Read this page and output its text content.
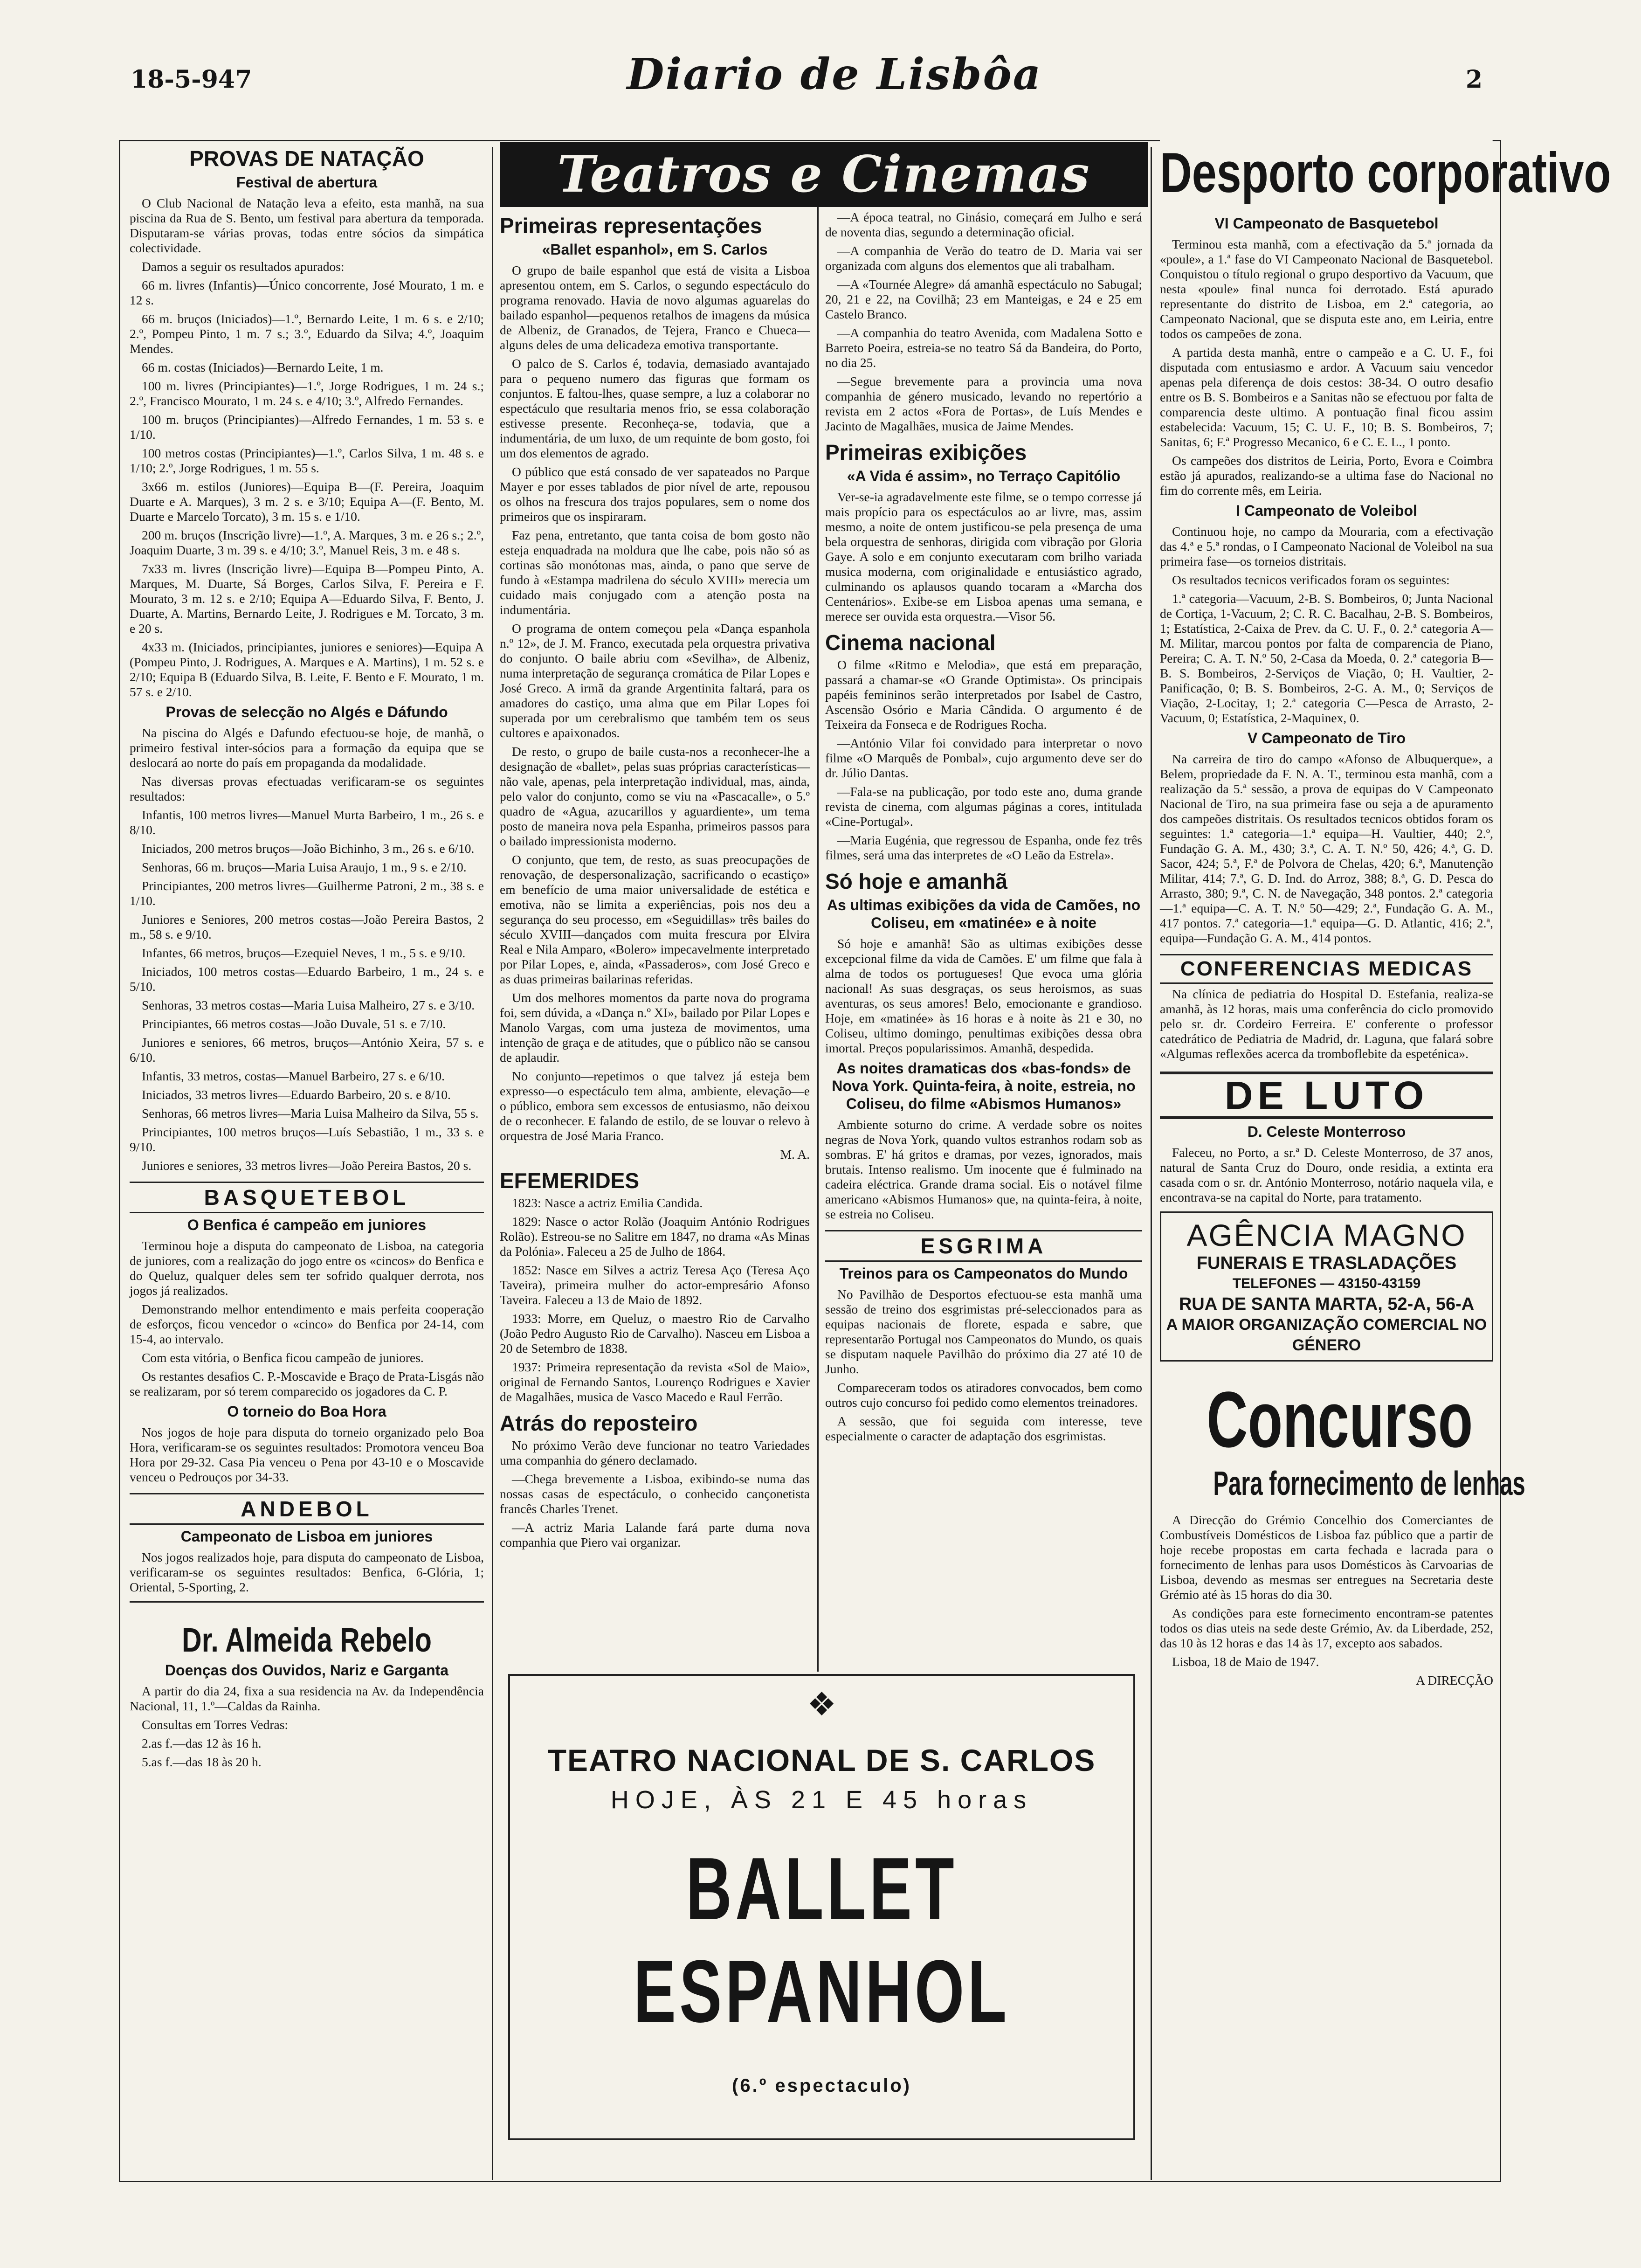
18-5-947	Diario de Lisbôa	2
PROVAS DE NATAÇÃO
Festival de abertura

O Club Nacional de Natação leva a efeito, esta manhã, na sua piscina da Rua de S. Bento, um festival para abertura da temporada. Disputaram-se várias provas, todas entre sócios da simpática colectividade.

Damos a seguir os resultados apurados:

66 m. livres (Infantis)—Único concorrente, José Mourato, 1 m. e 12 s.

66 m. bruços (Iniciados)—1.º, Bernardo Leite, 1 m. 6 s. e 2/10; 2.º, Pompeu Pinto, 1 m. 7 s.; 3.º, Eduardo da Silva; 4.º, Joaquim Mendes.

66 m. costas (Iniciados)—Bernardo Leite, 1 m.

100 m. livres (Principiantes)—1.º, Jorge Rodrigues, 1 m. 24 s.; 2.º, Francisco Mourato, 1 m. 24 s. e 4/10; 3.º, Alfredo Fernandes.

100 m. bruços (Principiantes)—Alfredo Fernandes, 1 m. 53 s. e 1/10.

100 metros costas (Principiantes)—1.º, Carlos Silva, 1 m. 48 s. e 1/10; 2.º, Jorge Rodrigues, 1 m. 55 s.

3x66 m. estilos (Juniores)—Equipa B—(F. Pereira, Joaquim Duarte e A. Marques), 3 m. 2 s. e 3/10; Equipa A—(F. Bento, M. Duarte e Marcelo Torcato), 3 m. 15 s. e 1/10.

200 m. bruços (Inscrição livre)—1.º, A. Marques, 3 m. e 26 s.; 2.º, Joaquim Duarte, 3 m. 39 s. e 4/10; 3.º, Manuel Reis, 3 m. e 48 s.

7x33 m. livres (Inscrição livre)—Equipa B—Pompeu Pinto, A. Marques, M. Duarte, Sá Borges, Carlos Silva, F. Pereira e F. Mourato, 3 m. 12 s. e 2/10; Equipa A—Eduardo Silva, F. Bento, J. Duarte, A. Martins, Bernardo Leite, J. Rodrigues e M. Torcato, 3 m. e 20 s.

4x33 m. (Iniciados, principiantes, juniores e seniores)—Equipa A (Pompeu Pinto, J. Rodrigues, A. Marques e A. Martins), 1 m. 52 s. e 2/10; Equipa B (Eduardo Silva, B. Leite, F. Bento e F. Mourato, 1 m. 57 s. e 2/10.

Provas de selecção no Algés e Dáfundo

Na piscina do Algés e Dafundo efectuou-se hoje, de manhã, o primeiro festival inter-sócios para a formação da equipa que se deslocará ao norte do país em propaganda da modalidade.

Nas diversas provas efectuadas verificaram-se os seguintes resultados:

Infantis, 100 metros livres—Manuel Murta Barbeiro, 1 m., 26 s. e 8/10.

Iniciados, 200 metros bruços—João Bichinho, 3 m., 26 s. e 6/10.

Senhoras, 66 m. bruços—Maria Luisa Araujo, 1 m., 9 s. e 2/10.

Principiantes, 200 metros livres—Guilherme Patroni, 2 m., 38 s. e 1/10.

Juniores e Seniores, 200 metros costas—João Pereira Bastos, 2 m., 58 s. e 9/10.

Infantes, 66 metros, bruços—Ezequiel Neves, 1 m., 5 s. e 9/10.

Iniciados, 100 metros costas—Eduardo Barbeiro, 1 m., 24 s. e 5/10.

Senhoras, 33 metros costas—Maria Luisa Malheiro, 27 s. e 3/10.

Principiantes, 66 metros costas—João Duvale, 51 s. e 7/10.

Juniores e seniores, 66 metros, bruços—António Xeira, 57 s. e 6/10.

Infantis, 33 metros, costas—Manuel Barbeiro, 27 s. e 6/10.

Iniciados, 33 metros livres—Eduardo Barbeiro, 20 s. e 8/10.

Senhoras, 66 metros livres—Maria Luisa Malheiro da Silva, 55 s.

Principiantes, 100 metros bruços—Luís Sebastião, 1 m., 33 s. e 9/10.

Juniores e seniores, 33 metros livres—João Pereira Bastos, 20 s.

BASQUETEBOL
O Benfica é campeão em juniores

Terminou hoje a disputa do campeonato de Lisboa, na categoria de juniores, com a realização do jogo entre os «cincos» do Benfica e do Queluz, qualquer deles sem ter sofrido qualquer derrota, nos jogos já realizados.

Demonstrando melhor entendimento e mais perfeita cooperação de esforços, ficou vencedor o «cinco» do Benfica por 24-14, com 15-4, ao intervalo.

Com esta vitória, o Benfica ficou campeão de juniores.

Os restantes desafios C. P.-Moscavide e Braço de Prata-Lisgás não se realizaram, por só terem comparecido os jogadores da C. P.

O torneio do Boa Hora

Nos jogos de hoje para disputa do torneio organizado pelo Boa Hora, verificaram-se os seguintes resultados: Promotora venceu Boa Hora por 29-32. Casa Pia venceu o Pena por 43-10 e o Moscavide venceu o Pedrouços por 34-33.

ANDEBOL
Campeonato de Lisboa em juniores

Nos jogos realizados hoje, para disputa do campeonato de Lisboa, verificaram-se os seguintes resultados: Benfica, 6-Glória, 1; Oriental, 5-Sporting, 2.

Dr. Almeida Rebelo
Doenças dos Ouvidos, Nariz e Garganta

A partir do dia 24, fixa a sua residencia na Av. da Independência Nacional, 11, 1.º—Caldas da Rainha.

Consultas em Torres Vedras:

2.as f.—das 12 às 16 h.

5.as f.—das 18 às 20 h.

Teatros e Cinemas
Primeiras representações
«Ballet espanhol», em S. Carlos

O grupo de baile espanhol que está de visita a Lisboa apresentou ontem, em S. Carlos, o segundo espectáculo do programa renovado. Havia de novo algumas aguarelas do bailado espanhol—pequenos retalhos de imagens da música de Albeniz, de Granados, de Tejera, Franco e Chueca—alguns deles de uma delicadeza emotiva transportante.

O palco de S. Carlos é, todavia, demasiado avantajado para o pequeno numero das figuras que formam os conjuntos. E faltou-lhes, quase sempre, a luz a colaborar no espectáculo que resultaria menos frio, se essa colaboração estivesse presente. Reconheça-se, todavia, que a indumentária, de um luxo, de um requinte de bom gosto, foi um dos elementos de agrado.

O público que está consado de ver sapateados no Parque Mayer e por esses tablados de pior nível de arte, repousou os olhos na frescura dos trajos populares, sem o nome dos primeiros que os inspiraram.

Faz pena, entretanto, que tanta coisa de bom gosto não esteja enquadrada na moldura que lhe cabe, pois não só as cortinas são monótonas mas, ainda, o pano que serve de fundo à «Estampa madrilena do século XVIII» merecia um cuidado mais conjugado com a atenção posta na indumentária.

O programa de ontem começou pela «Dança espanhola n.º 12», de J. M. Franco, executada pela orquestra privativa do conjunto. O baile abriu com «Sevilha», de Albeniz, numa interpretação de segurança cromática de Pilar Lopes e José Greco. A irmã da grande Argentinita faltará, para os amadores do castiço, uma alma que em Pilar Lopes foi superada por um cerebralismo que também tem os seus cultores e apaixonados.

De resto, o grupo de baile custa-nos a reconhecer-lhe a designação de «ballet», pelas suas próprias características—não vale, apenas, pela interpretação individual, mas, ainda, pelo valor do conjunto, como se viu na «Pascacalle», o 5.º quadro de «Agua, azucarillos y aguardiente», um tema posto de maneira nova pela Espanha, primeiros passos para o bailado impressionista moderno.

O conjunto, que tem, de resto, as suas preocupações de renovação, de despersonalização, sacrificando o ecastiço» em benefício de uma maior universalidade de estética e emotiva, não se limita a experiências, pois nos deu a segurança do seu processo, em «Seguidillas» três bailes do século XVIII—dançados com muita frescura por Elvira Real e Nila Amparo, «Bolero» impecavelmente interpretado por Pilar Lopes, e, ainda, «Passaderos», com José Greco e as duas primeiras bailarinas referidas.

Um dos melhores momentos da parte nova do programa foi, sem dúvida, a «Dança n.º XI», bailado por Pilar Lopes e Manolo Vargas, com uma justeza de movimentos, uma intenção de graça e de atitudes, que o público não se cansou de aplaudir.

No conjunto—repetimos o que talvez já esteja bem expresso—o espectáculo tem alma, ambiente, elevação—e o público, embora sem excessos de entusiasmo, não deixou de o reconhecer. E falando de estilo, de se louvar o relevo à orquestra de José Maria Franco.

M. A.

EFEMERIDES

1823: Nasce a actriz Emilia Candida.

1829: Nasce o actor Rolão (Joaquim António Rodrigues Rolão). Estreou-se no Salitre em 1847, no drama «As Minas da Polónia». Faleceu a 25 de Julho de 1864.

1852: Nasce em Silves a actriz Teresa Aço (Teresa Aço Taveira), primeira mulher do actor-empresário Afonso Taveira. Faleceu a 13 de Maio de 1892.

1933: Morre, em Queluz, o maestro Rio de Carvalho (João Pedro Augusto Rio de Carvalho). Nasceu em Lisboa a 20 de Setembro de 1838.

1937: Primeira representação da revista «Sol de Maio», original de Fernando Santos, Lourenço Rodrigues e Xavier de Magalhães, musica de Vasco Macedo e Raul Ferrão.

Atrás do reposteiro

No próximo Verão deve funcionar no teatro Variedades uma companhia do género declamado.

—Chega brevemente a Lisboa, exibindo-se numa das nossas casas de espectáculo, o conhecido cançonetista francês Charles Trenet.

—A actriz Maria Lalande fará parte duma nova companhia que Piero vai organizar.

—A época teatral, no Ginásio, começará em Julho e será de noventa dias, segundo a determinação oficial.

—A companhia de Verão do teatro de D. Maria vai ser organizada com alguns dos elementos que ali trabalham.

—A «Tournée Alegre» dá amanhã espectáculo no Sabugal; 20, 21 e 22, na Covilhã; 23 em Manteigas, e 24 e 25 em Castelo Branco.

—A companhia do teatro Avenida, com Madalena Sotto e Barreto Poeira, estreia-se no teatro Sá da Bandeira, do Porto, no dia 25.

—Segue brevemente para a provincia uma nova companhia de género musicado, levando no repertório a revista em 2 actos «Fora de Portas», de Luís Mendes e Jacinto de Magalhães, musica de Jaime Mendes.

Primeiras exibições
«A Vida é assim», no Terraço Capitólio

Ver-se-ia agradavelmente este filme, se o tempo corresse já mais propício para os espectáculos ao ar livre, mas, assim mesmo, a noite de ontem justificou-se pela presença de uma bela orquestra de senhoras, dirigida com vibração por Gloria Gaye. A solo e em conjunto executaram com brilho variada musica moderna, com originalidade e entusiástico agrado, culminando os aplausos quando tocaram a «Marcha dos Centenários». Exibe-se em Lisboa apenas uma semana, e merece ser ouvida esta orquestra.—Visor 56.

Cinema nacional

O filme «Ritmo e Melodia», que está em preparação, passará a chamar-se «O Grande Optimista». Os principais papéis femininos serão interpretados por Isabel de Castro, Ascensão Osório e Maria Cândida. O argumento é de Teixeira da Fonseca e de Rodrigues Rocha.

—António Vilar foi convidado para interpretar o novo filme «O Marquês de Pombal», cujo argumento deve ser do dr. Júlio Dantas.

—Fala-se na publicação, por todo este ano, duma grande revista de cinema, com algumas páginas a cores, intitulada «Cine-Portugal».

—Maria Eugénia, que regressou de Espanha, onde fez três filmes, será uma das interpretes de «O Leão da Estrela».

Só hoje e amanhã
As ultimas exibições da vida de Camões, no Coliseu, em «matinée» e à noite

Só hoje e amanhã! São as ultimas exibições desse excepcional filme da vida de Camões. E' um filme que fala à alma de todos os portugueses! Que evoca uma glória nacional! As suas desgraças, os seus heroismos, as suas aventuras, os seus amores! Belo, emocionante e grandioso. Hoje, em «matinée» às 16 horas e à noite às 21 e 30, no Coliseu, ultimo domingo, penultimas exibições dessa obra imortal. Preços popularissimos. Amanhã, despedida.

As noites dramaticas dos «bas-fonds» de Nova York. Quinta-feira, à noite, estreia, no Coliseu, do filme «Abismos Humanos»

Ambiente soturno do crime. A verdade sobre os noites negras de Nova York, quando vultos estranhos rodam sob as sombras. E' há gritos e dramas, por vezes, ignorados, mais brutais. Intenso realismo. Um inocente que é fulminado na cadeira eléctrica. Grande drama social. Eis o notável filme americano «Abismos Humanos» que, na quinta-feira, à noite, se estreia no Coliseu.

ESGRIMA
Treinos para os Campeonatos do Mundo

No Pavilhão de Desportos efectuou-se esta manhã uma sessão de treino dos esgrimistas pré-seleccionados para as equipas nacionais de florete, espada e sabre, que representarão Portugal nos Campeonatos do Mundo, os quais se disputam naquele Pavilhão do próximo dia 27 até 10 de Junho.

Compareceram todos os atiradores convocados, bem como outros cujo concurso foi pedido como elementos treinadores.

A sessão, que foi seguida com interesse, teve especialmente o caracter de adaptação dos esgrimistas.

❖
TEATRO NACIONAL DE S. CARLOS
HOJE, ÀS 21 E 45 horas
BALLET ESPANHOL
(6.º espectaculo)
Desporto corporativo
VI Campeonato de Basquetebol

Terminou esta manhã, com a efectivação da 5.ª jornada da «poule», a 1.ª fase do VI Campeonato Nacional de Basquetebol. Conquistou o título regional o grupo desportivo da Vacuum, que nesta «poule» final nunca foi derrotado. Está apurado representante do distrito de Lisboa, em 2.ª categoria, ao Campeonato Nacional, que se disputa este ano, em Leiria, entre todos os campeões de zona.

A partida desta manhã, entre o campeão e a C. U. F., foi disputada com entusiasmo e ardor. A Vacuum saiu vencedor apenas pela diferença de dois cestos: 38-34. O outro desafio entre os B. S. Bombeiros e a Sanitas não se efectuou por falta de comparencia deste ultimo. A pontuação final ficou assim estabelecida: Vacuum, 15; C. U. F., 10; B. S. Bombeiros, 7; Sanitas, 6; F.ª Progresso Mecanico, 6 e C. E. L., 1 ponto.

Os campeões dos distritos de Leiria, Porto, Evora e Coimbra estão já apurados, realizando-se a ultima fase do Nacional no fim do corrente mês, em Leiria.

I Campeonato de Voleibol

Continuou hoje, no campo da Mouraria, com a efectivação das 4.ª e 5.ª rondas, o I Campeonato Nacional de Voleibol na sua primeira fase—os torneios distritais.

Os resultados tecnicos verificados foram os seguintes:

1.ª categoria—Vacuum, 2-B. S. Bombeiros, 0; Junta Nacional de Cortiça, 1-Vacuum, 2; C. R. C. Bacalhau, 2-B. S. Bombeiros, 1; Estatística, 2-Caixa de Prev. da C. U. F., 0. 2.ª categoria A—M. Militar, marcou pontos por falta de comparencia de Piano, Pereira; C. A. T. N.º 50, 2-Casa da Moeda, 0. 2.ª categoria B—B. S. Bombeiros, 2-Serviços de Viação, 0; H. Vaultier, 2-Panificação, 0; B. S. Bombeiros, 2-G. A. M., 0; Serviços de Viação, 2-Locitay, 1; 2.ª categoria C—Pesca de Arrasto, 2-Vacuum, 0; Estatística, 2-Maquinex, 0.

V Campeonato de Tiro

Na carreira de tiro do campo «Afonso de Albuquerque», a Belem, propriedade da F. N. A. T., terminou esta manhã, com a realização da 5.ª sessão, a prova de equipas do V Campeonato Nacional de Tiro, na sua primeira fase ou seja a de apuramento dos campeões distritais. Os resultados tecnicos obtidos foram os seguintes: 1.ª categoria—1.ª equipa—H. Vaultier, 440; 2.º, Fundação G. A. M., 430; 3.ª, C. A. T. N.º 50, 426; 4.ª, G. D. Sacor, 424; 5.ª, F.ª de Polvora de Chelas, 420; 6.ª, Manutenção Militar, 414; 7.ª, G. D. Ind. do Arroz, 388; 8.ª, G. D. Pesca do Arrasto, 380; 9.ª, C. N. de Navegação, 348 pontos. 2.ª categoria—1.ª equipa—C. A. T. N.º 50—429; 2.ª, Fundação G. A. M., 417 pontos. 7.ª categoria—1.ª equipa—G. D. Atlantic, 416; 2.ª, equipa—Fundação G. A. M., 414 pontos.

CONFERENCIAS MEDICAS

Na clínica de pediatria do Hospital D. Estefania, realiza-se amanhã, às 12 horas, mais uma conferência do ciclo promovido pelo sr. dr. Cordeiro Ferreira. E' conferente o professor catedrático de Pediatria de Madrid, dr. Laguna, que falará sobre «Algumas reflexões acerca da tromboflebite da espeténica».

DE LUTO
D. Celeste Monterroso

Faleceu, no Porto, a sr.ª D. Celeste Monterroso, de 37 anos, natural de Santa Cruz do Douro, onde residia, a extinta era casada com o sr. dr. António Monterroso, notário naquela vila, e encontrava-se na capital do Norte, para tratamento.

AGÊNCIA MAGNO
FUNERAIS E TRASLADAÇÕES
TELEFONES — 43150-43159
RUA DE SANTA MARTA, 52-A, 56-A
A MAIOR ORGANIZAÇÃO COMERCIAL NO GÉNERO
Concurso
Para fornecimento de lenhas

A Direcção do Grémio Concelhio dos Comerciantes de Combustíveis Domésticos de Lisboa faz público que a partir de hoje recebe propostas em carta fechada e lacrada para o fornecimento de lenhas para usos Domésticos às Carvoarias de Lisboa, devendo as mesmas ser entregues na Secretaria deste Grémio até às 15 horas do dia 30.

As condições para este fornecimento encontram-se patentes todos os dias uteis na sede deste Grémio, Av. da Liberdade, 252, das 10 às 12 horas e das 14 às 17, excepto aos sabados.

Lisboa, 18 de Maio de 1947.

A DIRECÇÃO
